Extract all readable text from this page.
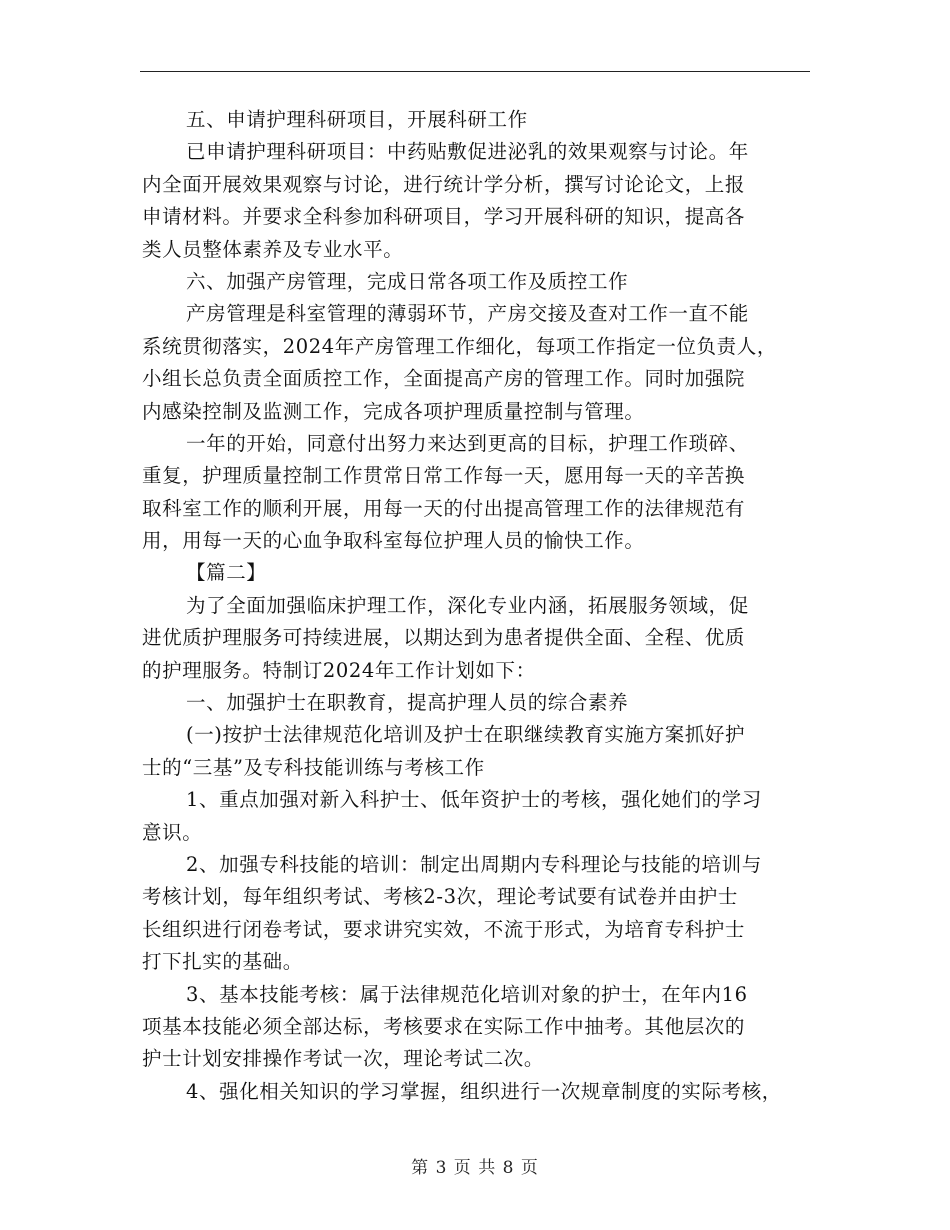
五、申请护理科研项目，开展科研工作
已申请护理科研项目：中药贴敷促进泌乳的效果观察与讨论。年
内全面开展效果观察与讨论，进行统计学分析，撰写讨论论文，上报
申请材料。并要求全科参加科研项目，学习开展科研的知识，提高各
类人员整体素养及专业水平。
六、加强产房管理，完成日常各项工作及质控工作
产房管理是科室管理的薄弱环节，产房交接及查对工作一直不能
系统贯彻落实，2024年产房管理工作细化，每项工作指定一位负责人，
小组长总负责全面质控工作，全面提高产房的管理工作。同时加强院
内感染控制及监测工作，完成各项护理质量控制与管理。
一年的开始，同意付出努力来达到更高的目标，护理工作琐碎、
重复，护理质量控制工作贯常日常工作每一天，愿用每一天的辛苦换
取科室工作的顺利开展，用每一天的付出提高管理工作的法律规范有
用，用每一天的心血争取科室每位护理人员的愉快工作。
【篇二】
为了全面加强临床护理工作，深化专业内涵，拓展服务领域，促
进优质护理服务可持续进展，以期达到为患者提供全面、全程、优质
的护理服务。特制订2024年工作计划如下：
一、加强护士在职教育，提高护理人员的综合素养
(一)按护士法律规范化培训及护士在职继续教育实施方案抓好护
士的“三基”及专科技能训练与考核工作
1、重点加强对新入科护士、低年资护士的考核，强化她们的学习
意识。
2、加强专科技能的培训：制定出周期内专科理论与技能的培训与
考核计划，每年组织考试、考核2-3次，理论考试要有试卷并由护士
长组织进行闭卷考试，要求讲究实效，不流于形式，为培育专科护士
打下扎实的基础。
3、基本技能考核：属于法律规范化培训对象的护士，在年内16
项基本技能必须全部达标，考核要求在实际工作中抽考。其他层次的
护士计划安排操作考试一次，理论考试二次。
4、强化相关知识的学习掌握，组织进行一次规章制度的实际考核，
第 3 页 共 8 页
